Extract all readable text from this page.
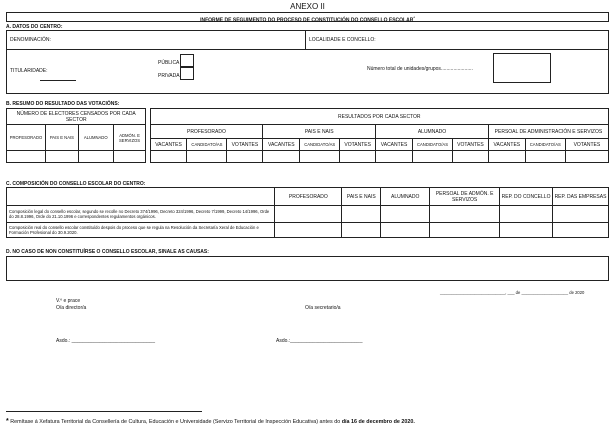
ANEXO II
INFORME DE SEGUIMENTO DO PROCESO DE CONSTITUCIÓN DO CONSELLO ESCOLAR*
A. DATOS DO CENTRO:
DENOMINACIÓN:	LOCALIDADE E CONCELLO:
TITULARIDADE:
PÚBLICA
PRIVADA
Número total de unidades/grupos.......................
B. RESUMO DO RESULTADO DAS VOTACIÓNS:
NÚMERO DE ELECTORES CENSADOS POR CADA SECTOR					RESULTADOS POR CADA SECTOR											
PROFESORADO	PAIS E NAIS	ALUMNADO	ADMÓN. E SERVIZOS		PROFESORADO			PAIS E NAIS			ALUMNADO			PERSOAL DE ADMINISTRACIÓN E SERVIZOS		
					VACANTES	CANDIDATO/AS	VOTANTES	VACANTES	CANDIDATO/AS	VOTANTES	VACANTES	CANDIDATO/AS	VOTANTES	VACANTES	CANDIDATO/AS	VOTANTES

C. COMPOSICIÓN DO CONSELLO ESCOLAR DO CENTRO:
	PROFESORADO	PAIS E NAIS	ALUMNADO	PERSOAL DE ADMÓN. E SERVIZOS	REP. DO CONCELLO	REP. DAS EMPRESAS
Composición legal do consello escolar, segundo se recolle no Decreto 374/1996, Decreto 324/1996, Decreto 7/1999, Decreto 14/1996, Orde do 28.8.1996, Orde do 21.10.1996 e correspondentes regulamentos orgánicos.						
Composición real do consello escolar constituído despois do proceso que se regula na Resolución da Secretaría Xeral de Educación e Formación Profesional do 30.9.2020.						
D. NO CASO DE NON CONSTITUÍRSE O CONSELLO ESCOLAR, SINALE AS CAUSAS:
____________________________, ___ de ____________________ de 2020
V.º e prace
O/a director/a	O/a secretario/a
Asdo.: ______________________________	Asdo.:__________________________
* Remítase á Xefatura Territorial da Consellería de Cultura, Educación e Universidade (Servizo Territorial de Inspección Educativa) antes do día 16 de decembro de 2020.
